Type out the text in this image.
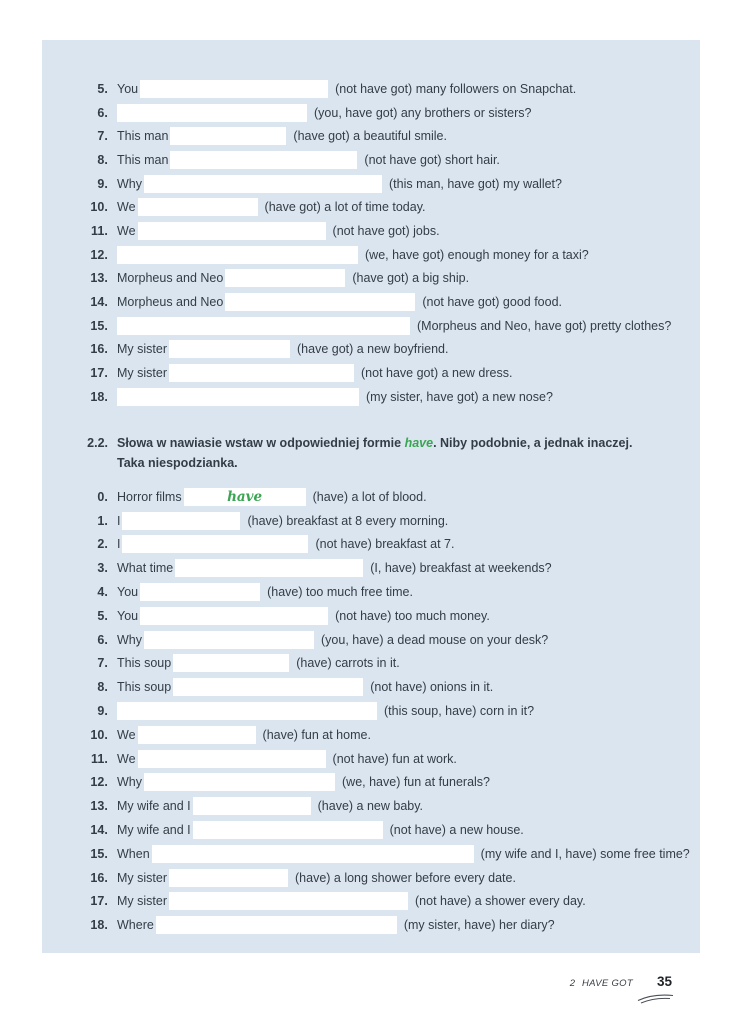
5. You	(not have got) many followers on Snapchat.
6.	(you, have got) any brothers or sisters?
7. This man	(have got) a beautiful smile.
8. This man	(not have got) short hair.
9. Why	(this man, have got) my wallet?
10. We	(have got) a lot of time today.
11. We	(not have got) jobs.
12.	(we, have got) enough money for a taxi?
13. Morpheus and Neo	(have got) a big ship.
14. Morpheus and Neo	(not have got) good food.
15.	(Morpheus and Neo, have got) pretty clothes?
16. My sister	(have got) a new boyfriend.
17. My sister	(not have got) a new dress.
18.	(my sister, have got) a new nose?
2.2. Słowa w nawiasie wstaw w odpowiedniej formie have. Niby podobnie, a jednak inaczej.
Taka niespodzianka.
0. Horror films	have	(have) a lot of blood.
1. I	(have) breakfast at 8 every morning.
2. I	(not have) breakfast at 7.
3. What time	(I, have) breakfast at weekends?
4. You	(have) too much free time.
5. You	(not have) too much money.
6. Why	(you, have) a dead mouse on your desk?
7. This soup	(have) carrots in it.
8. This soup	(not have) onions in it.
9.	(this soup, have) corn in it?
10. We	(have) fun at home.
11. We	(not have) fun at work.
12. Why	(we, have) fun at funerals?
13. My wife and I	(have) a new baby.
14. My wife and I	(not have) a new house.
15. When	(my wife and I, have) some free time?
16. My sister	(have) a long shower before every date.
17. My sister	(not have) a shower every day.
18. Where	(my sister, have) her diary?
2 HAVE GOT 35
